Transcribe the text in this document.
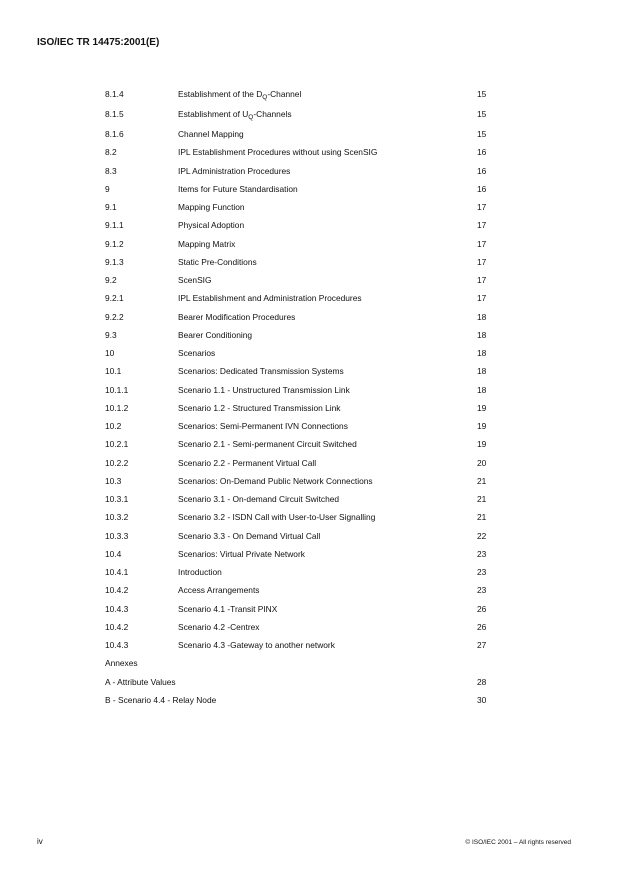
ISO/IEC TR 14475:2001(E)
8.1.4	Establishment of the $D_Q$-Channel	15
8.1.5	Establishment of $U_Q$-Channels	15
8.1.6	Channel Mapping	15
8.2	IPL Establishment Procedures without using ScenSIG	16
8.3	IPL Administration Procedures	16
9	Items for Future Standardisation	16
9.1	Mapping Function	17
9.1.1	Physical Adoption	17
9.1.2	Mapping Matrix	17
9.1.3	Static Pre-Conditions	17
9.2	ScenSIG	17
9.2.1	IPL Establishment and Administration Procedures	17
9.2.2	Bearer Modification Procedures	18
9.3	Bearer Conditioning	18
10	Scenarios	18
10.1	Scenarios: Dedicated Transmission Systems	18
10.1.1	Scenario 1.1 - Unstructured Transmission Link	18
10.1.2	Scenario 1.2 - Structured Transmission Link	19
10.2	Scenarios: Semi-Permanent IVN Connections	19
10.2.1	Scenario 2.1 - Semi-permanent Circuit Switched	19
10.2.2	Scenario 2.2 - Permanent Virtual Call	20
10.3	Scenarios: On-Demand Public Network Connections	21
10.3.1	Scenario 3.1 - On-demand Circuit Switched	21
10.3.2	Scenario 3.2 - ISDN Call with User-to-User Signalling	21
10.3.3	Scenario 3.3 - On Demand Virtual Call	22
10.4	Scenarios: Virtual Private Network	23
10.4.1	Introduction	23
10.4.2	Access Arrangements	23
10.4.3	Scenario 4.1 -Transit PINX	26
10.4.2	Scenario 4.2 -Centrex	26
10.4.3	Scenario 4.3 -Gateway to another network	27
Annexes
A - Attribute Values	28
B - Scenario 4.4 - Relay Node	30
iv	© ISO/IEC 2001 – All rights reserved
